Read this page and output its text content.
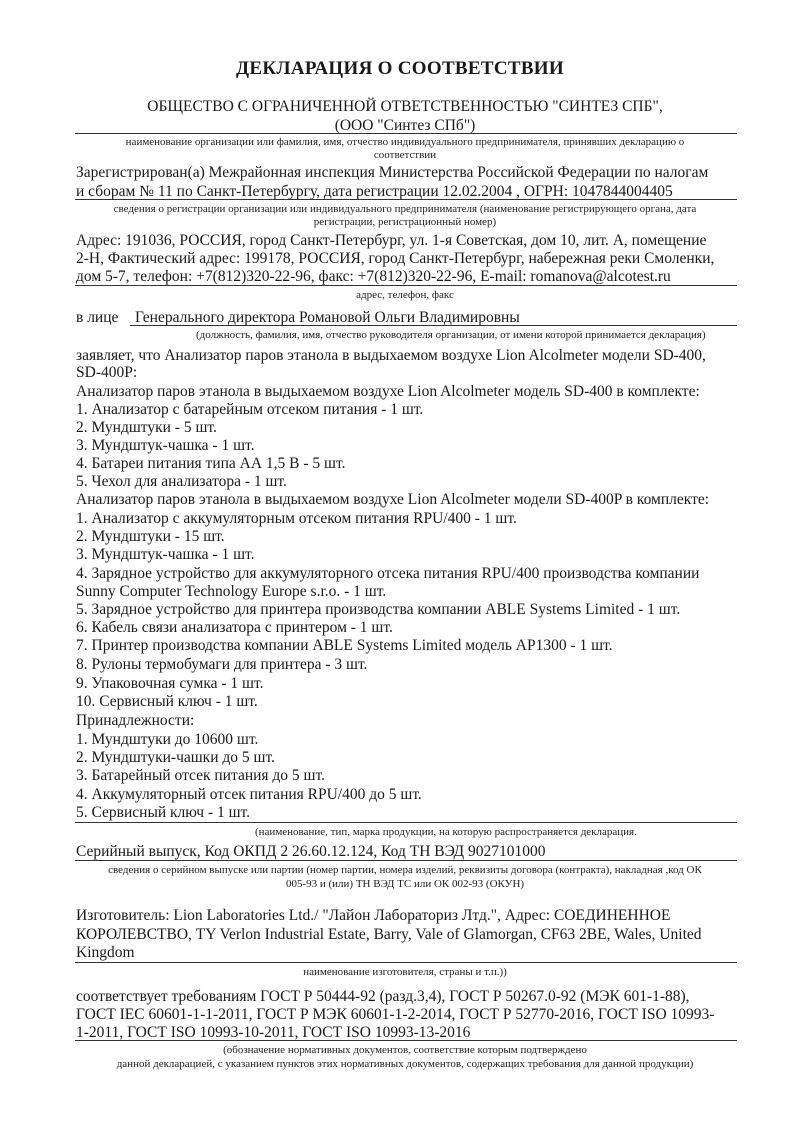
ДЕКЛАРАЦИЯ О СООТВЕТСТВИИ
ОБЩЕСТВО С ОГРАНИЧЕННОЙ ОТВЕТСТВЕННОСТЬЮ "СИНТЕЗ СПБ",
(ООО "Синтез СПб")
наименование организации или фамилия, имя, отчество индивидуального предпринимателя, принявших декларацию о
соответствии
Зарегистрирован(а) Межрайонная инспекция Министерства Российской Федерации по налогам
и сборам № 11 по Санкт-Петербургу, дата регистрации 12.02.2004 , ОГРН: 1047844004405
сведения о регистрации организации или индивидуального предпринимателя (наименование регистрирующего органа, дата
регистрации, регистрационный номер)
Адрес: 191036, РОССИЯ, город Санкт-Петербург, ул. 1-я Советская, дом 10, лит. А, помещение
2-Н, Фактический адрес: 199178, РОССИЯ, город Санкт-Петербург, набережная реки Смоленки,
дом 5-7, телефон: +7(812)320-22-96, факс: +7(812)320-22-96, E-mail: romanova@alcotest.ru
адрес, телефон, факс
в лице Генерального директора Романовой Ольги Владимировны
(должность, фамилия, имя, отчество руководителя организации, от имени которой принимается декларация)
заявляет, что Анализатор паров этанола в выдыхаемом воздухе Lion Alcolmeter модели SD-400,
SD-400P:
Анализатор паров этанола в выдыхаемом воздухе Lion Alcolmeter модель SD-400 в комплекте:
1. Анализатор с батарейным отсеком питания - 1 шт.
2. Мундштуки - 5 шт.
3. Мундштук-чашка - 1 шт.
4. Батареи питания типа АА 1,5 В - 5 шт.
5. Чехол для анализатора - 1 шт.
Анализатор паров этанола в выдыхаемом воздухе Lion Alcolmeter модели SD-400P в комплекте:
1. Анализатор с аккумуляторным отсеком питания RPU/400 - 1 шт.
2. Мундштуки - 15 шт.
3. Мундштук-чашка - 1 шт.
4. Зарядное устройство для аккумуляторного отсека питания RPU/400 производства компании
Sunny Computer Technology Europe s.r.o. - 1 шт.
5. Зарядное устройство для принтера производства компании ABLE Systems Limited - 1 шт.
6. Кабель связи анализатора с принтером - 1 шт.
7. Принтер производства компании ABLE Systems Limited модель AP1300 - 1 шт.
8. Рулоны термобумаги для принтера - 3 шт.
9. Упаковочная сумка - 1 шт.
10. Сервисный ключ - 1 шт.
Принадлежности:
1. Мундштуки до 10600 шт.
2. Мундштуки-чашки до 5 шт.
3. Батарейный отсек питания до 5 шт.
4. Аккумуляторный отсек питания RPU/400 до 5 шт.
5. Сервисный ключ - 1 шт.
(наименование, тип, марка продукции, на которую распространяется декларация.
Серийный выпуск, Код ОКПД 2 26.60.12.124, Код ТН ВЭД 9027101000
сведения о серийном выпуске или партии (номер партии, номера изделий, реквизиты договора (контракта), накладная ,код ОК
005-93 и (или) ТН ВЭД ТС или ОК 002-93 (ОКУН)
Изготовитель: Lion Laboratories Ltd./ "Лайон Лабораториз Лтд.", Адрес: СОЕДИНЕННОЕ
КОРОЛЕВСТВО, TY Verlon Industrial Estate, Barry, Vale of Glamorgan, CF63 2BE, Wales, United
Kingdom
наименование изготовителя, страны и т.п.))
соответствует требованиям ГОСТ Р 50444-92 (разд.3,4), ГОСТ Р 50267.0-92 (МЭК 601-1-88),
ГОСТ IEC 60601-1-1-2011, ГОСТ Р МЭК 60601-1-2-2014, ГОСТ Р 52770-2016, ГОСТ ISO 10993-
1-2011, ГОСТ ISO 10993-10-2011, ГОСТ ISO 10993-13-2016
(обозначение нормативных документов, соответствие которым подтверждено
данной декларацией, с указанием пунктов этих нормативных документов, содержащих требования для данной продукции)
